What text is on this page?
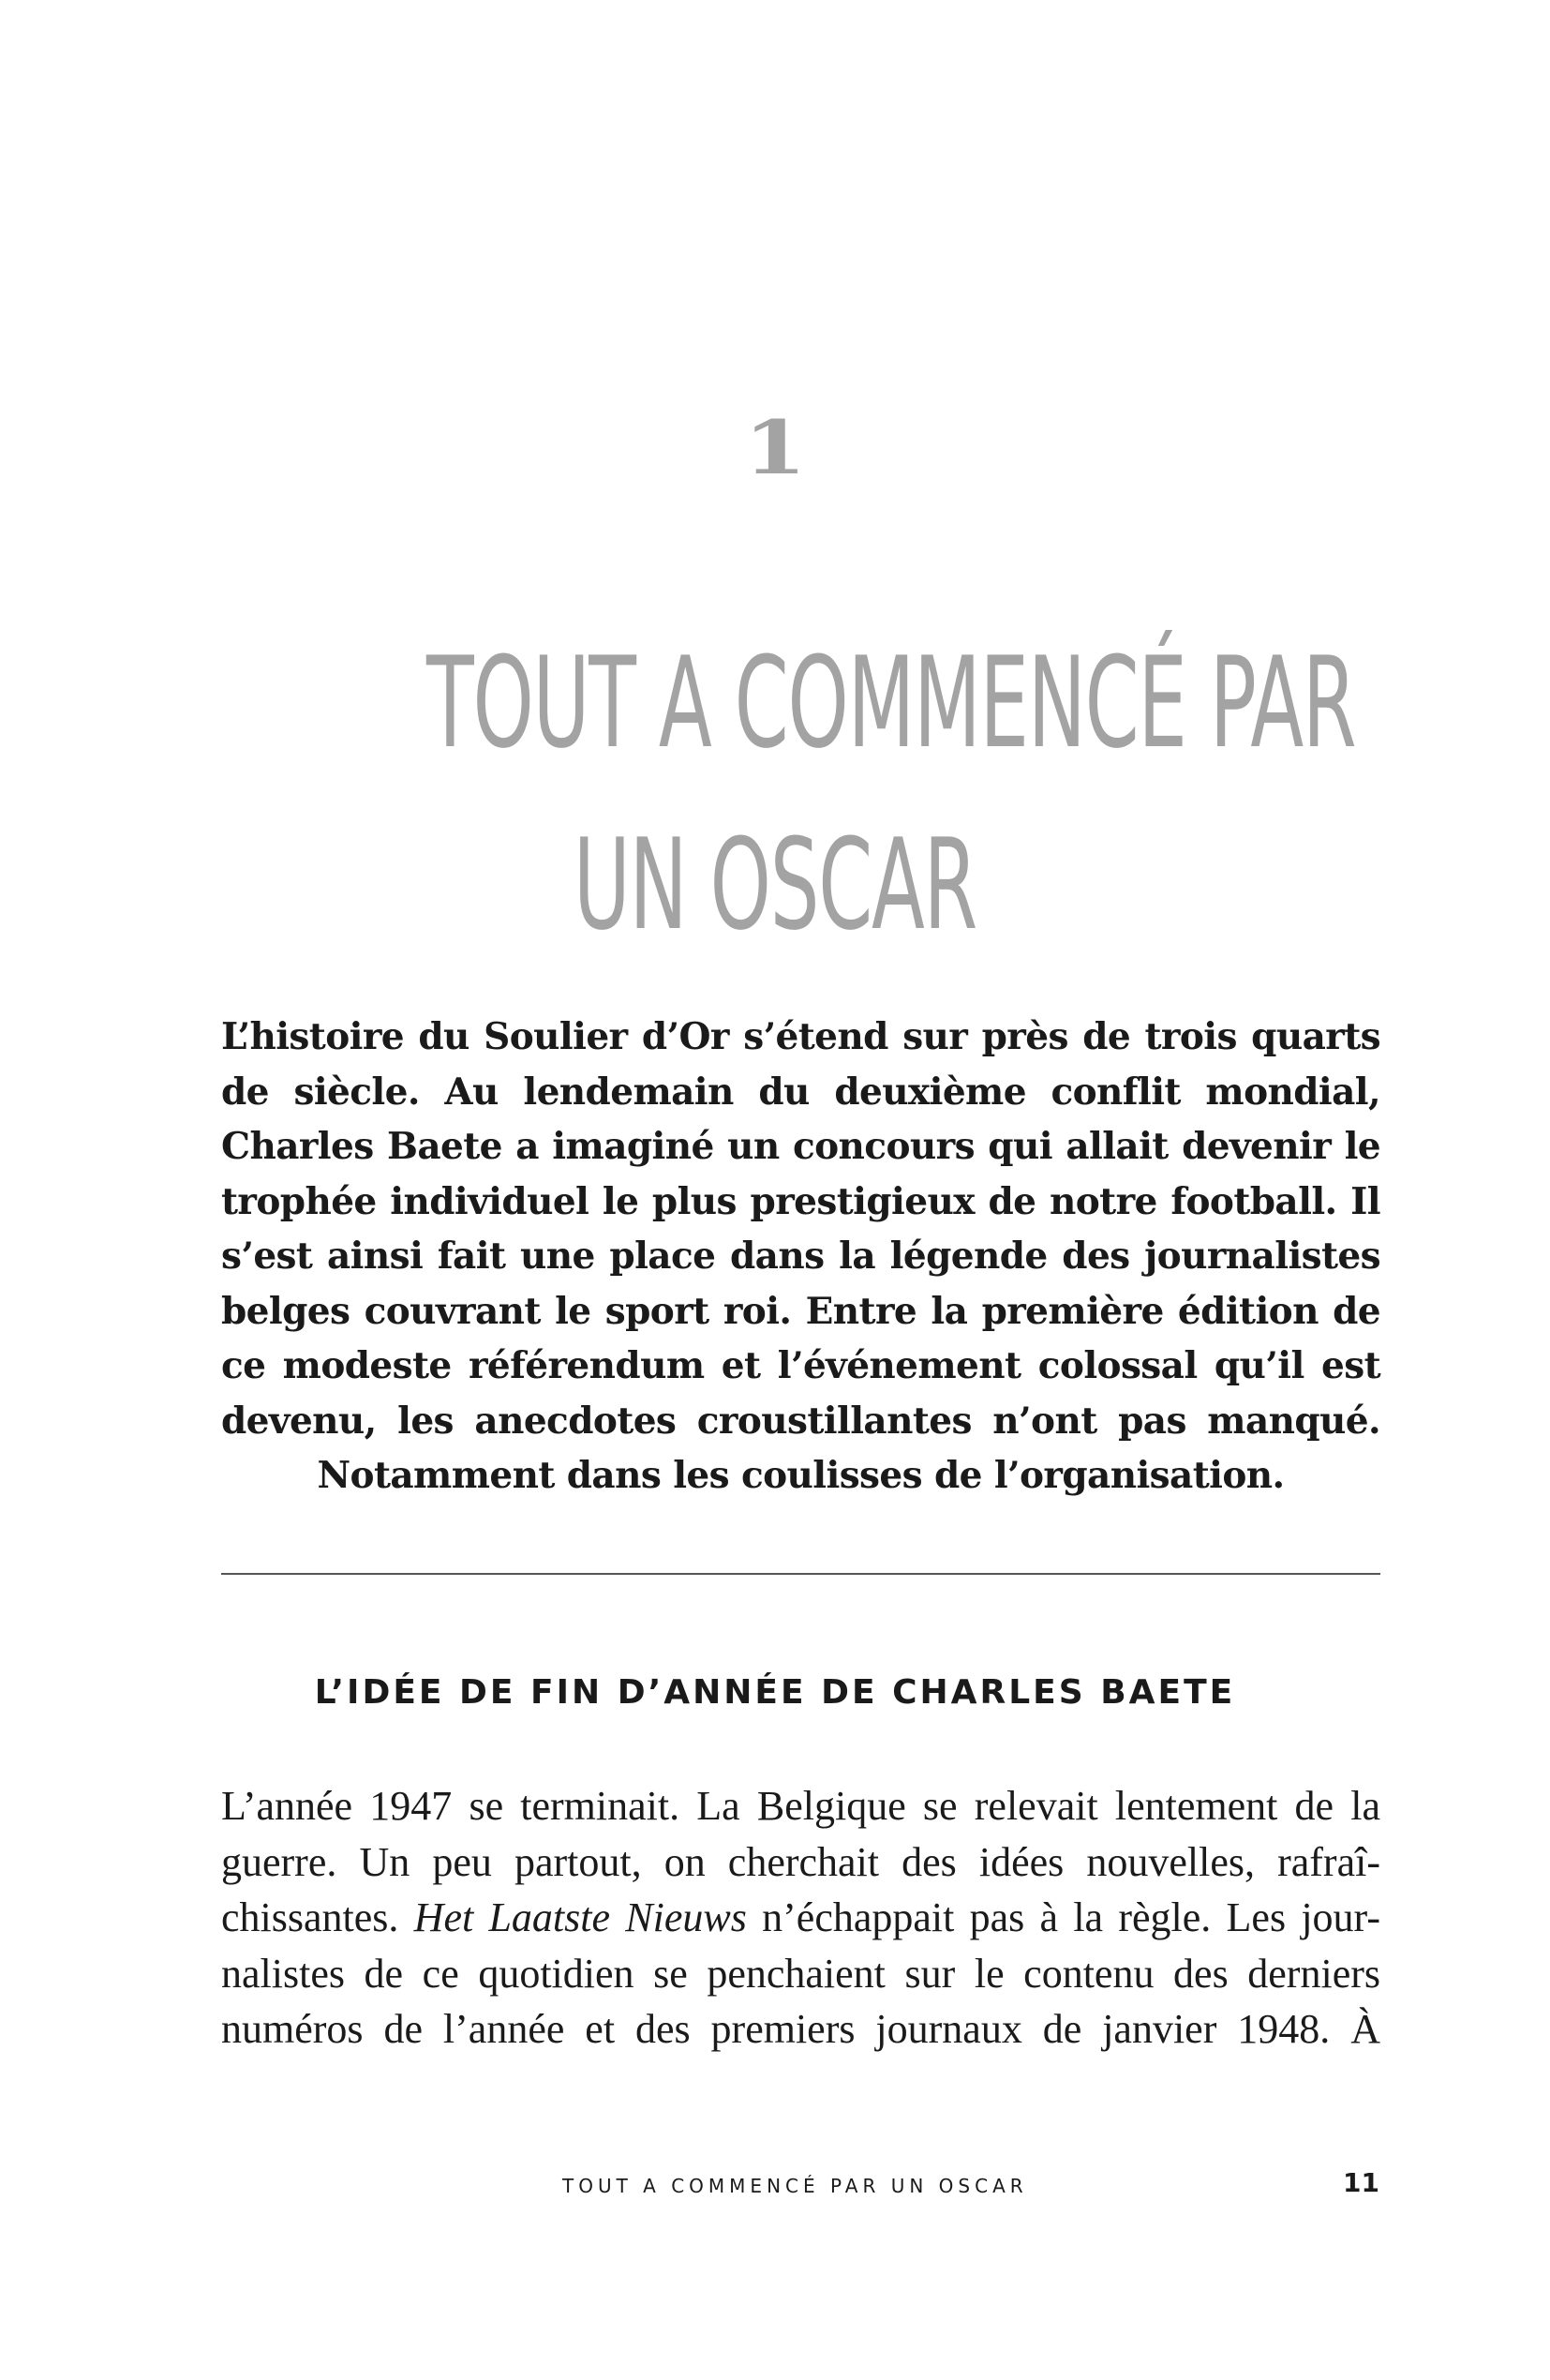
1
TOUT A COMMENCÉ PAR
UN OSCAR

L’histoire du Soulier d’Or s’étend sur près de trois quarts de siècle. Au lendemain du deuxième conflit mondial, Charles Baete a imaginé un concours qui allait devenir le trophée individuel le plus prestigieux de notre football. Il s’est ainsi fait une place dans la légende des journalistes belges couvrant le sport roi. Entre la première édition de ce modeste référendum et l’événement colossal qu’il est devenu, les anecdotes croustillantes n’ont pas manqué. Notamment dans les coulisses de l’organisation.

L’IDÉE DE FIN D’ANNÉE DE CHARLES BAETE
L’année 1947 se terminait. La Belgique se relevait lentement de la
guerre. Un peu partout, on cherchait des idées nouvelles, rafraî-
chissantes. Het Laatste Nieuws n’échappait pas à la règle. Les jour-
nalistes de ce quotidien se penchaient sur le contenu des derniers
numéros de l’année et des premiers journaux de janvier 1948. À
TOUT A COMMENCÉ PAR UN OSCAR	11
